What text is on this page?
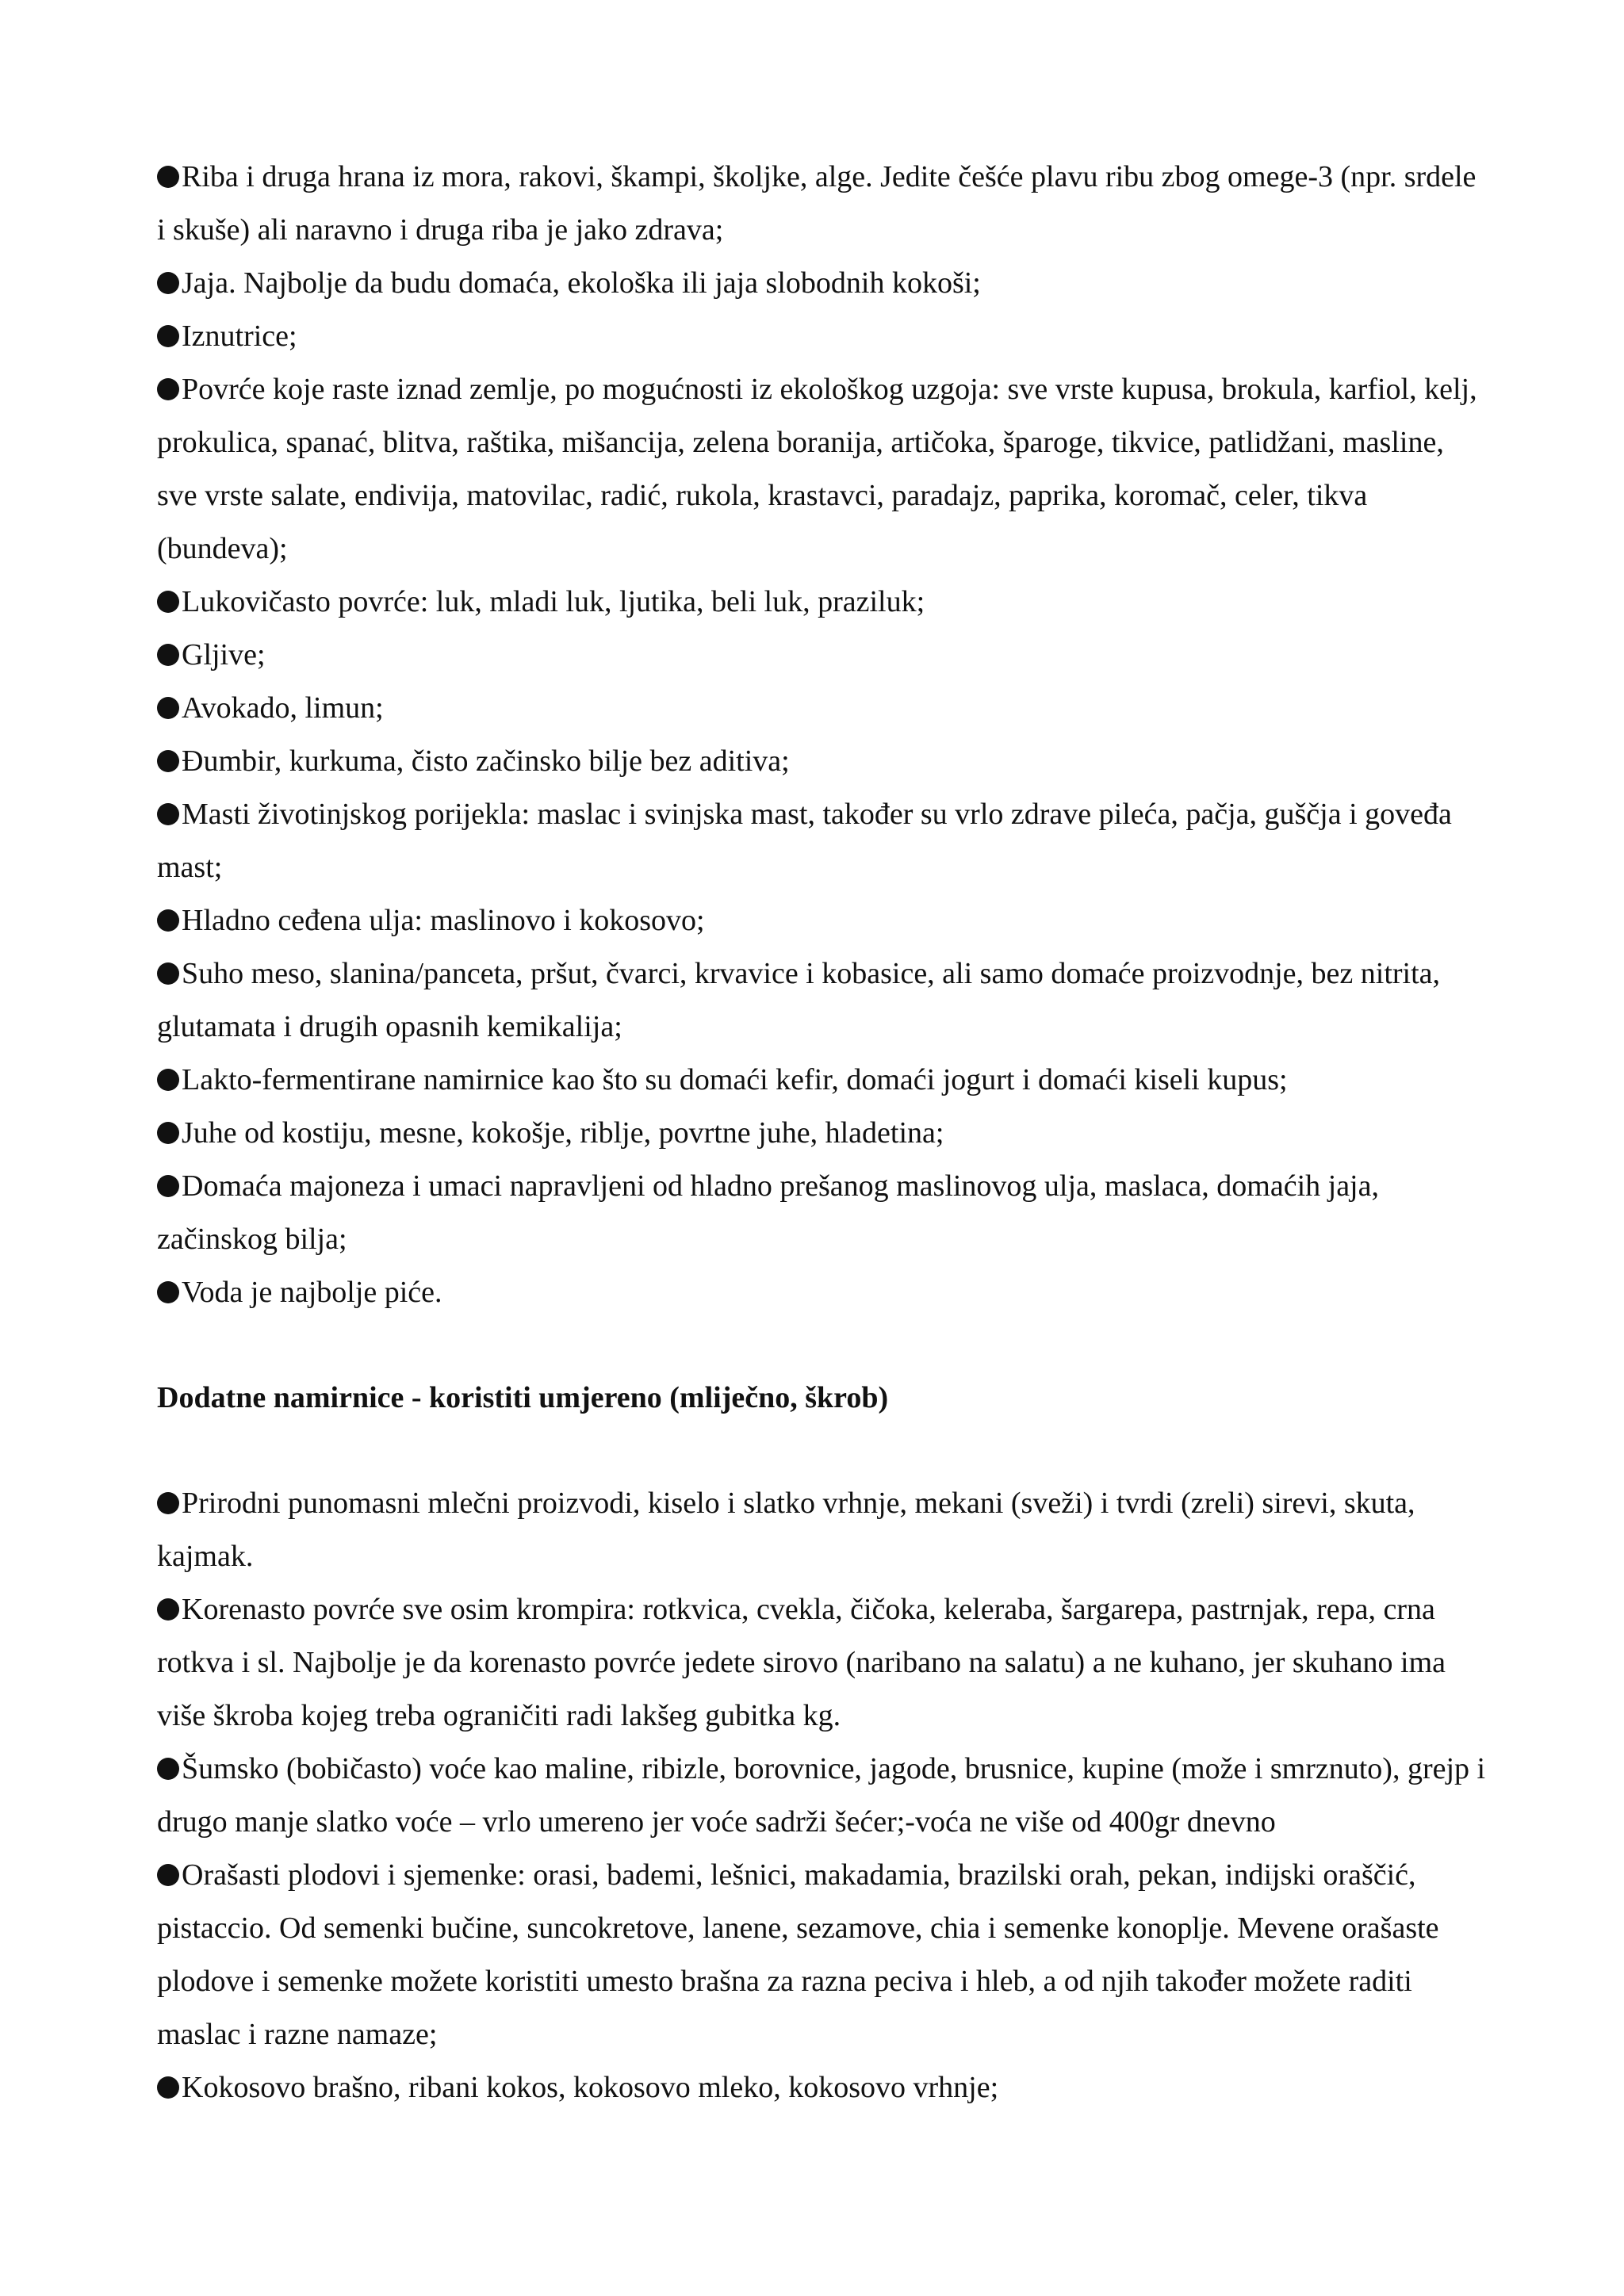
Riba i druga hrana iz mora, rakovi, škampi, školjke, alge. Jedite češće plavu ribu zbog omege-3 (npr. srdele i skuše) ali naravno i druga riba je jako zdrava;

Jaja. Najbolje da budu domaća, ekološka ili jaja slobodnih kokoši;

Iznutrice;

Povrće koje raste iznad zemlje, po mogućnosti iz ekološkog uzgoja: sve vrste kupusa, brokula, karfiol, kelj, prokulica, spanać, blitva, raštika, mišancija, zelena boranija, artičoka, šparoge, tikvice, patlidžani, masline, sve vrste salate, endivija, matovilac, radić, rukola, krastavci, paradajz, paprika, koromač, celer, tikva (bundeva);

Lukovičasto povrće: luk, mladi luk, ljutika, beli luk, praziluk;

Gljive;

Avokado, limun;

Đumbir, kurkuma, čisto začinsko bilje bez aditiva;

Masti životinjskog porijekla: maslac i svinjska mast, također su vrlo zdrave pileća, pačja, guščja i goveđa mast;

Hladno ceđena ulja: maslinovo i kokosovo;

Suho meso, slanina/panceta, pršut, čvarci, krvavice i kobasice, ali samo domaće proizvodnje, bez nitrita, glutamata i drugih opasnih kemikalija;

Lakto-fermentirane namirnice kao što su domaći kefir, domaći jogurt i domaći kiseli kupus;

Juhe od kostiju, mesne, kokošje, riblje, povrtne juhe, hladetina;

Domaća majoneza i umaci napravljeni od hladno prešanog maslinovog ulja, maslaca, domaćih jaja, začinskog bilja;

Voda je najbolje piće.

Dodatne namirnice - koristiti umjereno (mliječno, škrob)

Prirodni punomasni mlečni proizvodi, kiselo i slatko vrhnje, mekani (sveži) i tvrdi (zreli) sirevi, skuta, kajmak.

Korenasto povrće sve osim krompira: rotkvica, cvekla, čičoka, keleraba, šargarepa, pastrnjak, repa, crna rotkva i sl. Najbolje je da korenasto povrće jedete sirovo (naribano na salatu) a ne kuhano, jer skuhano ima više škroba kojeg treba ograničiti radi lakšeg gubitka kg.

Šumsko (bobičasto) voće kao maline, ribizle, borovnice, jagode, brusnice, kupine (može i smrznuto), grejp i drugo manje slatko voće – vrlo umereno jer voće sadrži šećer;-voća ne više od 400gr dnevno

Orašasti plodovi i sjemenke: orasi, bademi, lešnici, makadamia, brazilski orah, pekan, indijski oraščić, pistaccio. Od semenki bučine, suncokretove, lanene, sezamove, chia i semenke konoplje. Mevene orašaste plodove i semenke možete koristiti umesto brašna za razna peciva i hleb, a od njih također možete raditi maslac i razne namaze;

Kokosovo brašno, ribani kokos, kokosovo mleko, kokosovo vrhnje;
